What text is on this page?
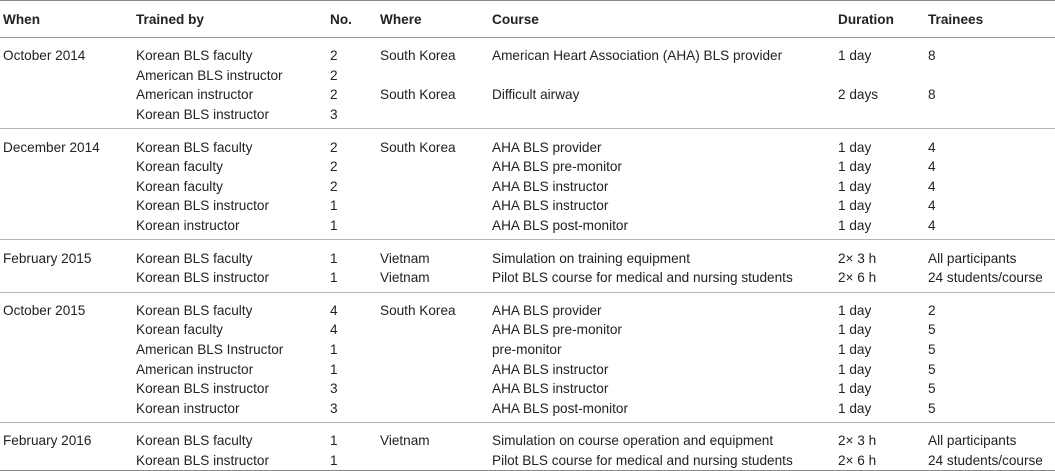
When	Trained by	No.	Where	Course	Duration	Trainees
October 2014	Korean BLS faculty	2	South Korea	American Heart Association (AHA) BLS provider	1 day	8
	American BLS instructor	2				
	American instructor	2	South Korea	Difficult airway	2 days	8
	Korean BLS instructor	3				
December 2014	Korean BLS faculty	2	South Korea	AHA BLS provider	1 day	4
	Korean faculty	2		AHA BLS pre-monitor	1 day	4
	Korean faculty	2		AHA BLS instructor	1 day	4
	Korean BLS instructor	1		AHA BLS instructor	1 day	4
	Korean instructor	1		AHA BLS post-monitor	1 day	4
February 2015	Korean BLS faculty	1	Vietnam	Simulation on training equipment	2× 3 h	All participants
	Korean BLS instructor	1	Vietnam	Pilot BLS course for medical and nursing students	2× 6 h	24 students/course
October 2015	Korean BLS faculty	4	South Korea	AHA BLS provider	1 day	2
	Korean faculty	4		AHA BLS pre-monitor	1 day	5
	American BLS Instructor	1		pre-monitor	1 day	5
	American instructor	1		AHA BLS instructor	1 day	5
	Korean BLS instructor	3		AHA BLS instructor	1 day	5
	Korean instructor	3		AHA BLS post-monitor	1 day	5
February 2016	Korean BLS faculty	1	Vietnam	Simulation on course operation and equipment	2× 3 h	All participants
	Korean BLS instructor	1		Pilot BLS course for medical and nursing students	2× 6 h	24 students/course
